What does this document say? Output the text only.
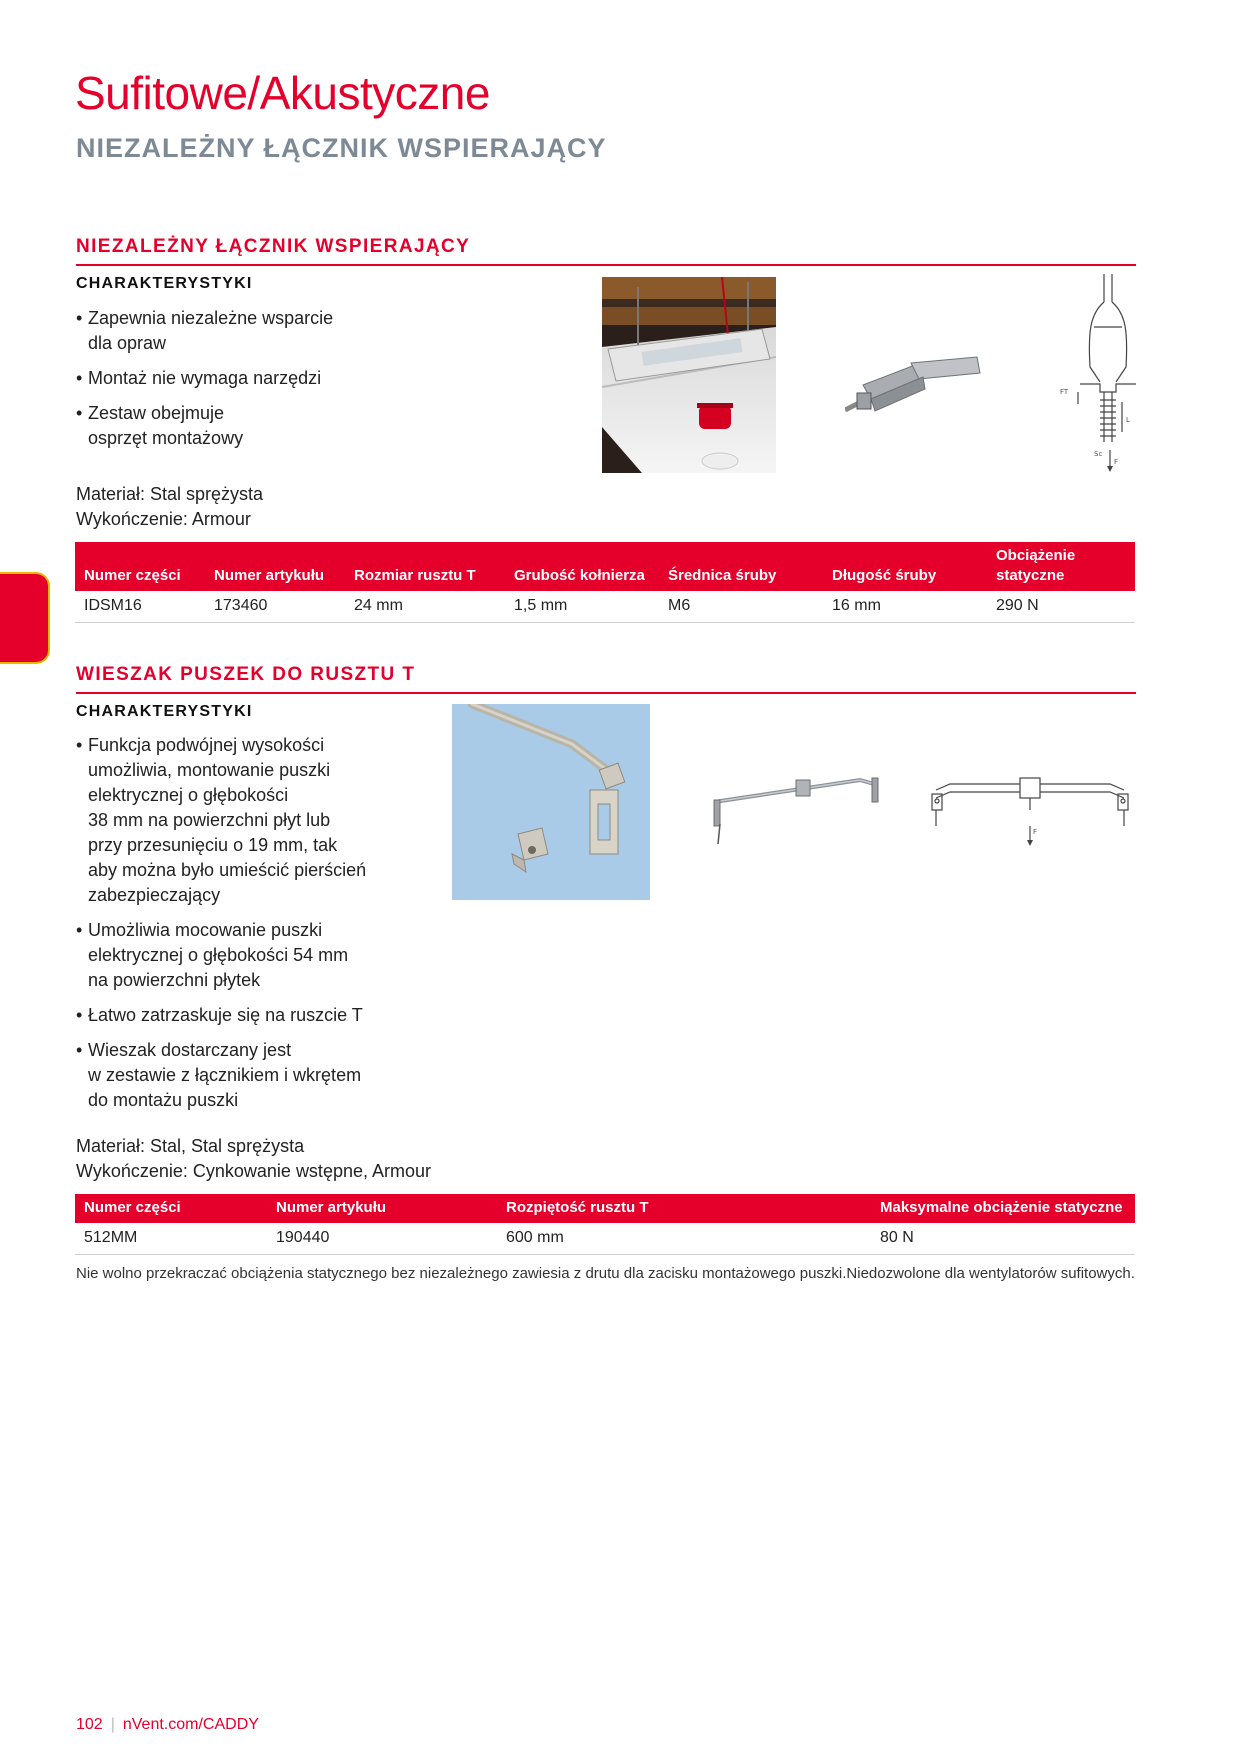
Sufitowe/Akustyczne
NIEZALEŻNY ŁĄCZNIK WSPIERAJĄCY
NIEZALEŻNY ŁĄCZNIK WSPIERAJĄCY
CHARAKTERYSTYKI
• Zapewnia niezależne wsparcie
dla opraw
• Montaż nie wymaga narzędzi
• Zestaw obejmuje
osprzęt montażowy
Materiał: Stal sprężysta
Wykończenie: Armour
FT
L
Sc
F
Numer części	Numer artykułu	Rozmiar rusztu T	Grubość kołnierza	Średnica śruby	Długość śruby	Obciążenie statyczne
IDSM16	173460	24 mm	1,5 mm	M6	16 mm	290 N
WIESZAK PUSZEK DO RUSZTU T
CHARAKTERYSTYKI
• Funkcja podwójnej wysokości
umożliwia, montowanie puszki
elektrycznej o głębokości
38 mm na powierzchni płyt lub
przy przesunięciu o 19 mm, tak
aby można było umieścić pierścień
zabezpieczający
• Umożliwia mocowanie puszki
elektrycznej o głębokości 54 mm
na powierzchni płytek
• Łatwo zatrzaskuje się na ruszcie T
• Wieszak dostarczany jest
w zestawie z łącznikiem i wkrętem
do montażu puszki
Materiał: Stal, Stal sprężysta
Wykończenie: Cynkowanie wstępne, Armour
F
Numer części	Numer artykułu	Rozpiętość rusztu T	Maksymalne obciążenie statyczne
512MM	190440	600 mm	80 N
Nie wolno przekraczać obciążenia statycznego bez niezależnego zawiesia z drutu dla zacisku montażowego puszki.Niedozwolone dla wentylatorów sufitowych.
102 | nVent.com/CADDY
